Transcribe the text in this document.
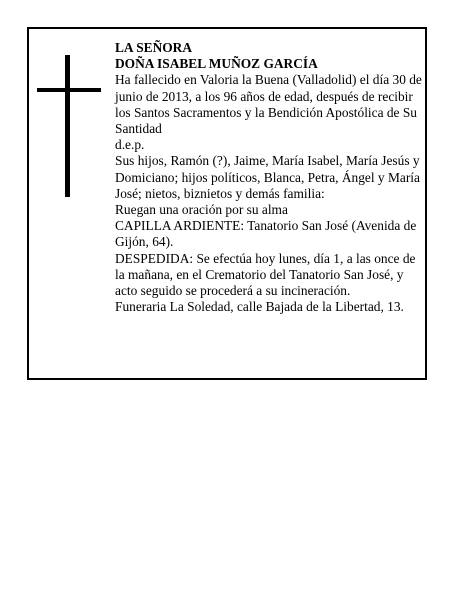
LA SEÑORA

DOÑA ISABEL MUÑOZ GARCÍA

Ha fallecido en Valoria la Buena (Valladolid) el día 30 de junio de 2013, a los 96 años de edad, después de recibir los Santos Sacramentos y la Bendición Apostólica de Su Santidad

d.e.p.

Sus hijos, Ramón (?), Jaime, María Isabel, María Jesús y Domiciano; hijos políticos, Blanca, Petra, Ángel y María José; nietos, biznietos y demás familia:

Ruegan una oración por su alma

CAPILLA ARDIENTE: Tanatorio San José (Avenida de Gijón, 64).

DESPEDIDA: Se efectúa hoy lunes, día 1, a las once de la mañana, en el Crematorio del Tanatorio San José, y acto seguido se procederá a su incineración.

Funeraria La Soledad, calle Bajada de la Libertad, 13.
